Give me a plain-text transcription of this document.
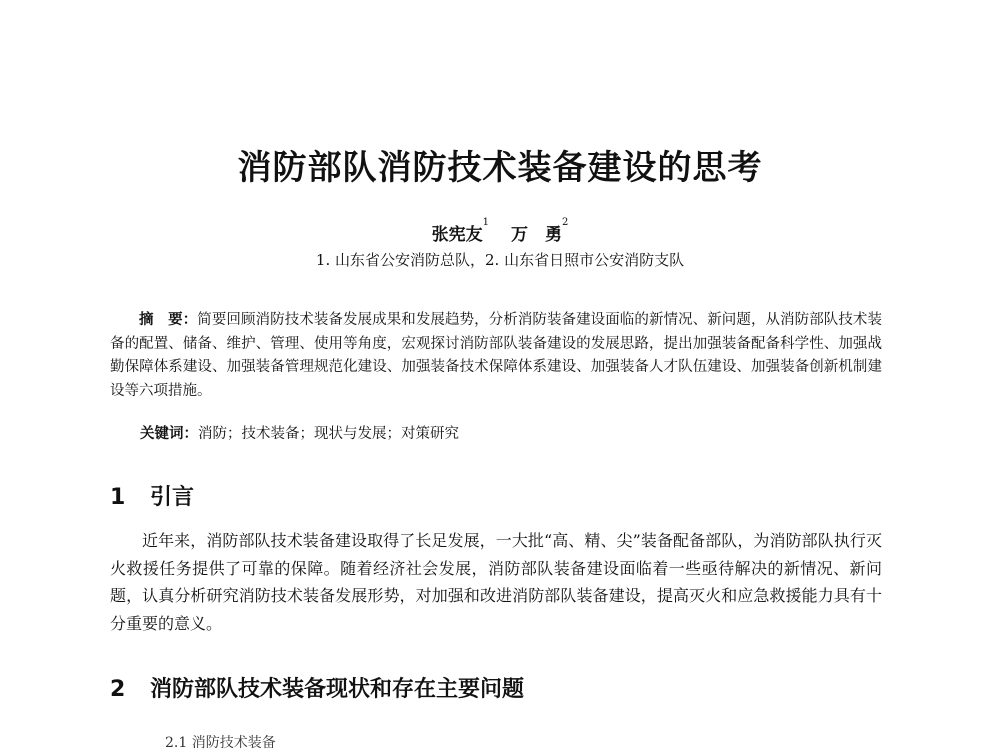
消防部队消防技术装备建设的思考
张宪友$^1$万　勇$^2$
1. 山东省公安消防总队，2. 山东省日照市公安消防支队
摘　要：简要回顾消防技术装备发展成果和发展趋势，分析消防装备建设面临的新情况、新问题，从消防部队技术装备的配置、储备、维护、管理、使用等角度，宏观探讨消防部队装备建设的发展思路，提出加强装备配备科学性、加强战勤保障体系建设、加强装备管理规范化建设、加强装备技术保障体系建设、加强装备人才队伍建设、加强装备创新机制建设等六项措施。
关键词：消防；技术装备；现状与发展；对策研究
1 引言
近年来，消防部队技术装备建设取得了长足发展，一大批“高、精、尖”装备配备部队，为消防部队执行灭火救援任务提供了可靠的保障。随着经济社会发展，消防部队装备建设面临着一些亟待解决的新情况、新问题，认真分析研究消防技术装备发展形势，对加强和改进消防部队装备建设，提高灭火和应急救援能力具有十分重要的意义。
2 消防部队技术装备现状和存在主要问题
2.1 消防技术装备
